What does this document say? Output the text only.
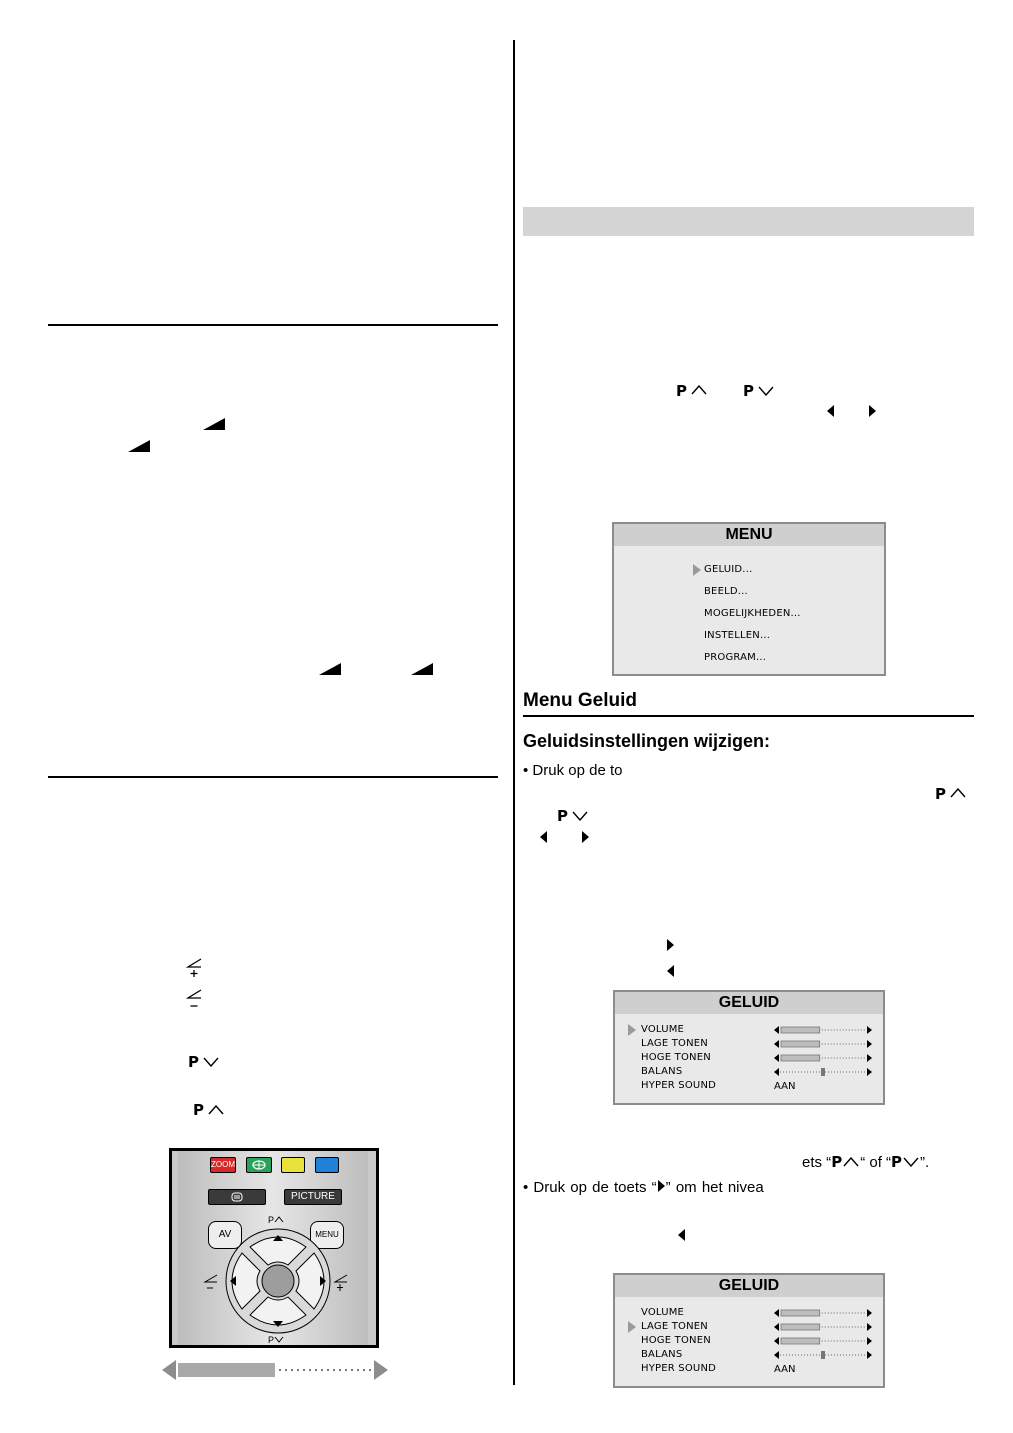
P
P
ZOOM
PICTURE
AV	MENU
P
P
P	P
MENU
GELUID...
BEELD...
MOGELIJKHEDEN...
INSTELLEN...
PROGRAM...
Menu Geluid
Geluidsinstellingen wijzigen:
• Druk op de to
P
P
GELUID
VOLUME
LAGE TONEN
HOGE TONEN
BALANS
HYPER SOUND	AAN
ets “P “ of “P ”.
• Druk op de toets “ ” om het nivea
GELUID
VOLUME
LAGE TONEN
HOGE TONEN
BALANS
HYPER SOUND	AAN
